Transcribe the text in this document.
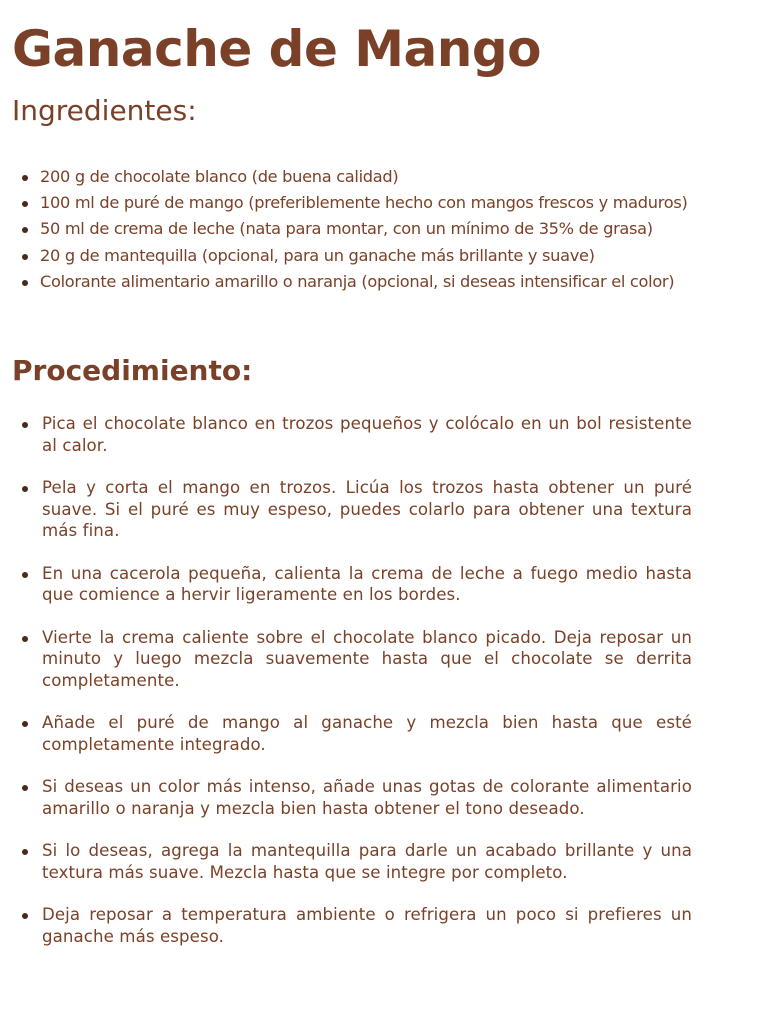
Ganache de Mango
Ingredientes:
200 g de chocolate blanco (de buena calidad)
100 ml de puré de mango (preferiblemente hecho con mangos frescos y maduros)
50 ml de crema de leche (nata para montar, con un mínimo de 35% de grasa)
20 g de mantequilla (opcional, para un ganache más brillante y suave)
Colorante alimentario amarillo o naranja (opcional, si deseas intensificar el color)
Procedimiento:
Pica el chocolate blanco en trozos pequeños y colócalo en un bol resistente al calor.
Pela y corta el mango en trozos. Licúa los trozos hasta obtener un puré suave. Si el puré es muy espeso, puedes colarlo para obtener una textura más fina.
En una cacerola pequeña, calienta la crema de leche a fuego medio hasta que comience a hervir ligeramente en los bordes.
Vierte la crema caliente sobre el chocolate blanco picado. Deja reposar un minuto y luego mezcla suavemente hasta que el chocolate se derrita completamente.
Añade el puré de mango al ganache y mezcla bien hasta que esté completamente integrado.
Si deseas un color más intenso, añade unas gotas de colorante alimentario amarillo o naranja y mezcla bien hasta obtener el tono deseado.
Si lo deseas, agrega la mantequilla para darle un acabado brillante y una textura más suave. Mezcla hasta que se integre por completo.
Deja reposar a temperatura ambiente o refrigera un poco si prefieres un ganache más espeso.
